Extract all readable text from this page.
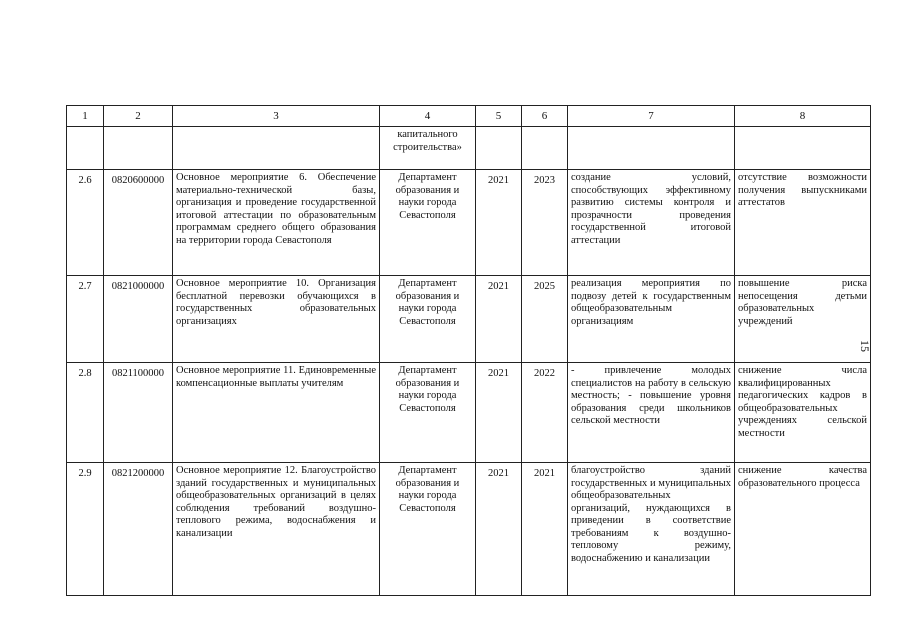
1	2	3	4	5	6	7	8
			капитального строительства»				
2.6	0820600000	Основное мероприятие 6. Обеспечение материально-технической базы, организация и проведение государственной итоговой аттестации по образовательным программам среднего общего образования на территории города Севастополя	Департамент образования и науки города Севастополя	2021	2023	создание условий, способствующих эффективному развитию системы контроля и прозрачности проведения государственной итоговой аттестации	отсутствие возможности получения выпускниками аттестатов
2.7	0821000000	Основное мероприятие 10. Организация бесплатной перевозки обучающихся в государственных образовательных организациях	Департамент образования и науки города Севастополя	2021	2025	реализация мероприятия по подвозу детей к государственным общеобразовательным организациям	повышение риска непосещения детьми образовательных учреждений
2.8	0821100000	Основное мероприятие 11. Единовременные компенсационные выплаты учителям	Департамент образования и науки города Севастополя	2021	2022	- привлечение молодых специалистов на работу в сельскую местность; - повышение уровня образования среди школьников сельской местности	снижение числа квалифицированных педагогических кадров в общеобразовательных учреждениях сельской местности
2.9	0821200000	Основное мероприятие 12. Благоустройство зданий государственных и муниципальных общеобразовательных организаций в целях соблюдения требований воздушно-теплового режима, водоснабжения и канализации	Департамент образования и науки города Севастополя	2021	2021	благоустройство зданий государственных и муниципальных общеобразовательных организаций, нуждающихся в приведении в соответствие требованиям к воздушно-тепловому режиму, водоснабжению и канализации	снижение качества образовательного процесса
15
